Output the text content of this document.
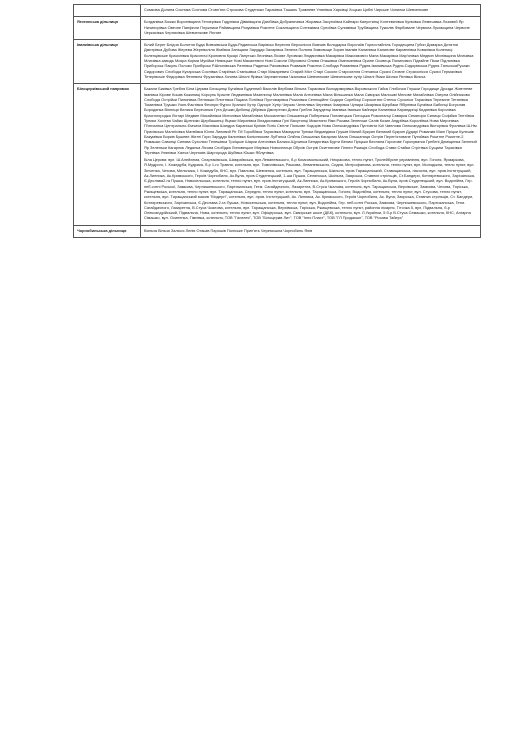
	Сомкова Долина Сосняка Соснова Стовп'яги Строкова Студеники Тарасівка Ташань Травневе Улянівка Харківці Хоцьки Циблі Чирське Чопилки Шевченкове

Яготинська дільниця	Богданівка Божки Воронівщина Гензерівка Годунівка Дівіківщина Дзюбівка Добраничівка Жоравка Засупоївка Кайнари Капустинці Коптевичівка Куліківка Лемешівка Лозовий Яр Ничипорівка Овечне Панфили Плужники Райківщина Розумівка Рокитне Сокальщина Сотниківка Супоївка Сулимівка Трубівщина Тужилів Фарбоване Червона Лукомщина Червоне Черкасівка Черняхівка Шевченкове Яготин

Іванківська дільниця	Білий Берег Блідча Болотня Буда Вовчківська Буда-Радинська Варівськ Вересня Верхолісся Вовчків Володарка Воропаїв Горностайпіль Городещина Губин Димарка Дитятки Дмитрівка Дубова Жерева Жереволіля Жміївка Запіщани Заруддя Захарівка Зелена Поляна Зимовище Зорин Іванків Калинівка Калинове Кармелівка Ковалівка Колениці Коленцівське Красилівка Красятичі Кропивня Кукарі Лапутьки Леонівка Лісове Луговики Людвинівка Макарівка Максимович Мала Макарівка Мар'янівка Медвин Міхлівщина Млачівка Млачівка заводь Мокра Корма Мусійки Невицьке Нові Макалевичі Нові Соколи Обуховичі Олива Оташівка Омельянівка Оране Осовець Пилипович Підгайне Піски Підлипівка Приборськ Пакуль Полоки Прибірськ Р.Шпилівська Ратнівка Радинка Раховківка Розважів Рокитна Слобода Романівка Рудня-Іванківська Рудня-Сидорівська Рудня-ТальськаРусаки Сидорович Слобода Кухарська Соснівка Старіївка Станішівка Старі Макаревичі Старий Міст Старі Соколи Староселля Стечанка Сукачі Стовпе Страхолісся Сукачі Термахівка Тетерівське Федорівка Феневичі Фрузинівка Хочева Шпилі Ярівка Череменнова Чкаловка Шевченкове Шевченкове хутір Шпилі Ямки Шилки Яхнівка Вільча

Білоцерківський напрямок	Бакали Биківка Гребля Біла Церква Блощинці Бугаївка Буденний Василів Вербова Вільна Тарасівка Володимирівка Воровського Гайок Глибочка Глушки Городище Дрозди Жовтневе Іванівка Кірове Кошів Кожиниці Корсунь Красне Людвинівка Мазепинці Малинівка Мала Антонівка Мала Вільшанка Мала Сквирка Малошві Мелове Михайлівка Озерна Олійниково Слобода Острійки Пилипівка Пенязьки Плиттівка Піщана Потіївка Пустоварівка Розалівка Селекційне Сидори Скребиці Сорокотяги Степок Сухоліси Тарасівка Терезине Тетянівка Томилівка Трушки Узин-Фастівка Фесюри Фурси Храпачі Хутір Одноріг Хутір Черкас Чепелівка Чернівка Чмирівка Чупира Шкарівка Щербаки Ябlунівка Бугаївка Бабинці Богуслав Бородянка Вінниця Велика Березянка Гута Дешки Дибинці Дібрівка Дмитренки Довга Гребля Заруденці Іванівка Іваньки Кайнари Калинівка Карандинці Киданівка Королівка Красногородка Ліхтарі Медвин Мисайлівка Митилівка Михайлівка Москаленки Ольшаниця Побережка Поповецька Потоцька Розкопанці Саварка Семигори Синиця Софійка Тептіївка Туники Хохітва Чайки Щитники Щербашинці Яцюки Миронівка Владиславка Гулі Вахутинці Микитини Ями Росава Зеленьки Салів Козин Андріївка Короліївка Нова Миронівка П'ятихатка Центрально-Ємчиха Маслівка Шандра Карапиші Куліків Потік Світле Польове Ходорів Нова Олександрівка Пустовіти Киї Чмелова Олександрівка Вікторівка Фролівка Ш.Нм Присівсько Малиїхівка Матвіївка Юхни Липовий Ріг Пії Горобіївка Тарасівка Македони Туники Ведмедівка Грушів Малий Букрин Великий Букрин Дударі Романків Малі Пріцки Кулешів Бакумівка Бирків Бушеве Житні Гори Заруддя Калинівка Коліснюкове Луб'янка Олійна Ольшанка Кагарлик Мала Ольшаниця Острів Переп'ятоване Путяйвка Рокитне Рокитне-2 Ромашки Савинці Синява Сухоліси Телешівка Троїцьке Шарки Антонівка Балико-Щучинка Бендюгівка Бурти Великі Пріцьки Весняна Горохове Горохуватка Гребені Деміщенка Зелений Яр Зеленьки Кагарлик Ледянка Лісова Слобідка Липовецьке Мирівка Новоселиця Обухів Острів Оситнягове Плюти Ржищів Слобода Стави Стайки Стрітівка Сущани Тарасівка Тернівка Улянівки Халча Черняхів Шаргорода Шубівка Юшки Яблунівка

Біла Церква: вул. Ш.Алейхема, Спартаківська, Шамраївська, вул.Леваневського, б-р Комсомольський, Некрасова, тепло пункт, Тролейбусне управління, вул. Гоголя, Ярмаркова, Я.Мудрого, І. Кожедуба, Кудрика, б-р 1-го Травня, котельня, вул. Томилівська, Раскова, Леваневського, Сидна, Митрофанова, котельня, тепло пункт, вул. Молодіжна, тепло пункт, вул. Зінченка, Чехова, Мельника, І. Кожедуба, КНС, вул. Павлова, Шевченка, котельня, вул. Таращанська, Шкільна, пров.Таращанський, Ставищанська, насосна, вул. пров.Інституцький, Ак.Линника, Ак.Кримського, Героїв Чорнобиля, Ак.Вула, пров.Студенецький, 1-ша Пушка, Селянська, Шкільна, Заярська, Ставних стрільців, Ст.Бандери, Котляревського, Зарічанська, Є.Дєслава2-га Пушка, Новосельська, котельня, тепло пункт, вул. пров.Інституцький, Ак.Линника, Ак.Кримського, Героїв Чорнобиля, Ак.Вула, пров.Студенецький, вул. Водопійна, Гер. неб.сотні Роської, Замкова, Чернишевського, Партизанська, Гетм. Сагайдачного, Лазаретна, В.Стуса Чкалова, котельня, вул. Таращанська, Верхівське, Замкова, Чехова, Тяріська, Ржищевська, котельня, тепло пункт, вул. Таращанська, Середня, тепло пункт, котельня, вул. Таращанська, Гоголя, Водопійна, котельня, тепло пункт, вул. Стусова, тепло пункт, котельня, вул. Таращанський масив "Модерн", котельня, вул. пров. Інституцький, Ак. Линника, Ак. Кримського, Героїв Чорнобиля, Ак. Вула, Заярська, Ставних стрільців, Ст. Бандери, Котляревського, Зарічанська, Є.Деслава 2-га Пушка, Новосельська, котельня, тепло пункт, вул. Водопійна, Гер. неб.сотні Роська, Замкова, Чернишевського, Партизанська, Гетм. Сагайдачного, Лазаретна, В.Стуса Чкалова, котельня, вул. Таращанська, Верхівська, Тяріська, Ржищевська, тепло пункт, районна лікарня, Тіточка 5, вул. Підвальна, б-р Олександрійський, Підвальна, Нова, котельня, тепло пункт, вул. Офіцерська, вул. Сквирське шосе (ДБК), котельня, вул. Л.Українки, 5 б-р В.Стуса Семашко, котельня, КНС, Ангарна Сімашко, вул. Осипенка, Гімнівка, котельня, ТОВ "Галатея", ТОВ "Білоцерків Лит", ТОВ "Інно Пласт", ТОВ "ГЛ Продакшн", ТОВ "Росава Тайерс"

Чорнобильська дільниця	Вильча Вільча Залісся Лелів Оташів Паришів Поліське Прип'ять Черемошна Чорнобиль Янів
